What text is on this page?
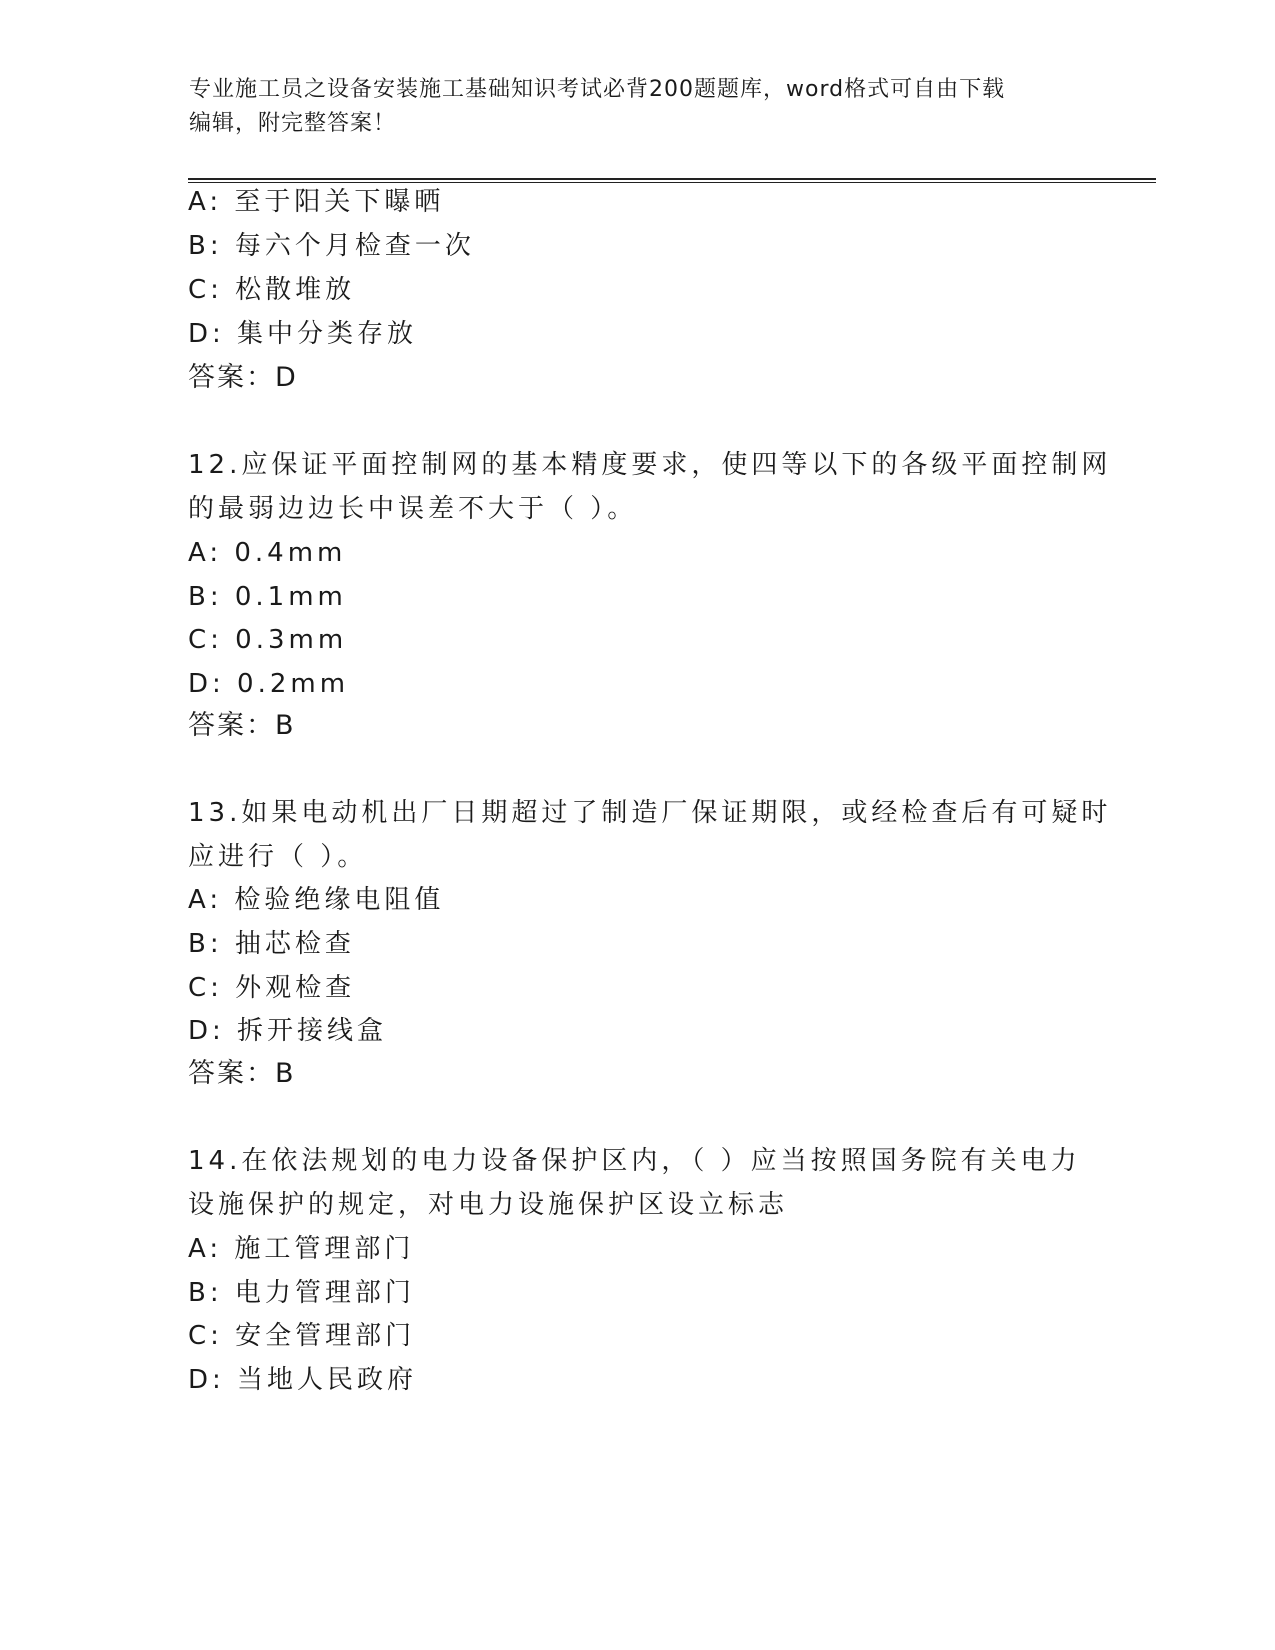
专业施工员之设备安装施工基础知识考试必背200题题库，word格式可自由下载
编辑，附完整答案！
A: 至于阳关下曝晒
B: 每六个月检查一次
C: 松散堆放
D: 集中分类存放
答案：D
12.应保证平面控制网的基本精度要求，使四等以下的各级平面控制网
的最弱边边长中误差不大于（ ）。
A: 0.4mm
B: 0.1mm
C: 0.3mm
D: 0.2mm
答案：B
13.如果电动机出厂日期超过了制造厂保证期限，或经检查后有可疑时
应进行（ ）。
A: 检验绝缘电阻值
B: 抽芯检查
C: 外观检查
D: 拆开接线盒
答案：B
14.在依法规划的电力设备保护区内，（ ）应当按照国务院有关电力
设施保护的规定，对电力设施保护区设立标志
A: 施工管理部门
B: 电力管理部门
C: 安全管理部门
D: 当地人民政府
